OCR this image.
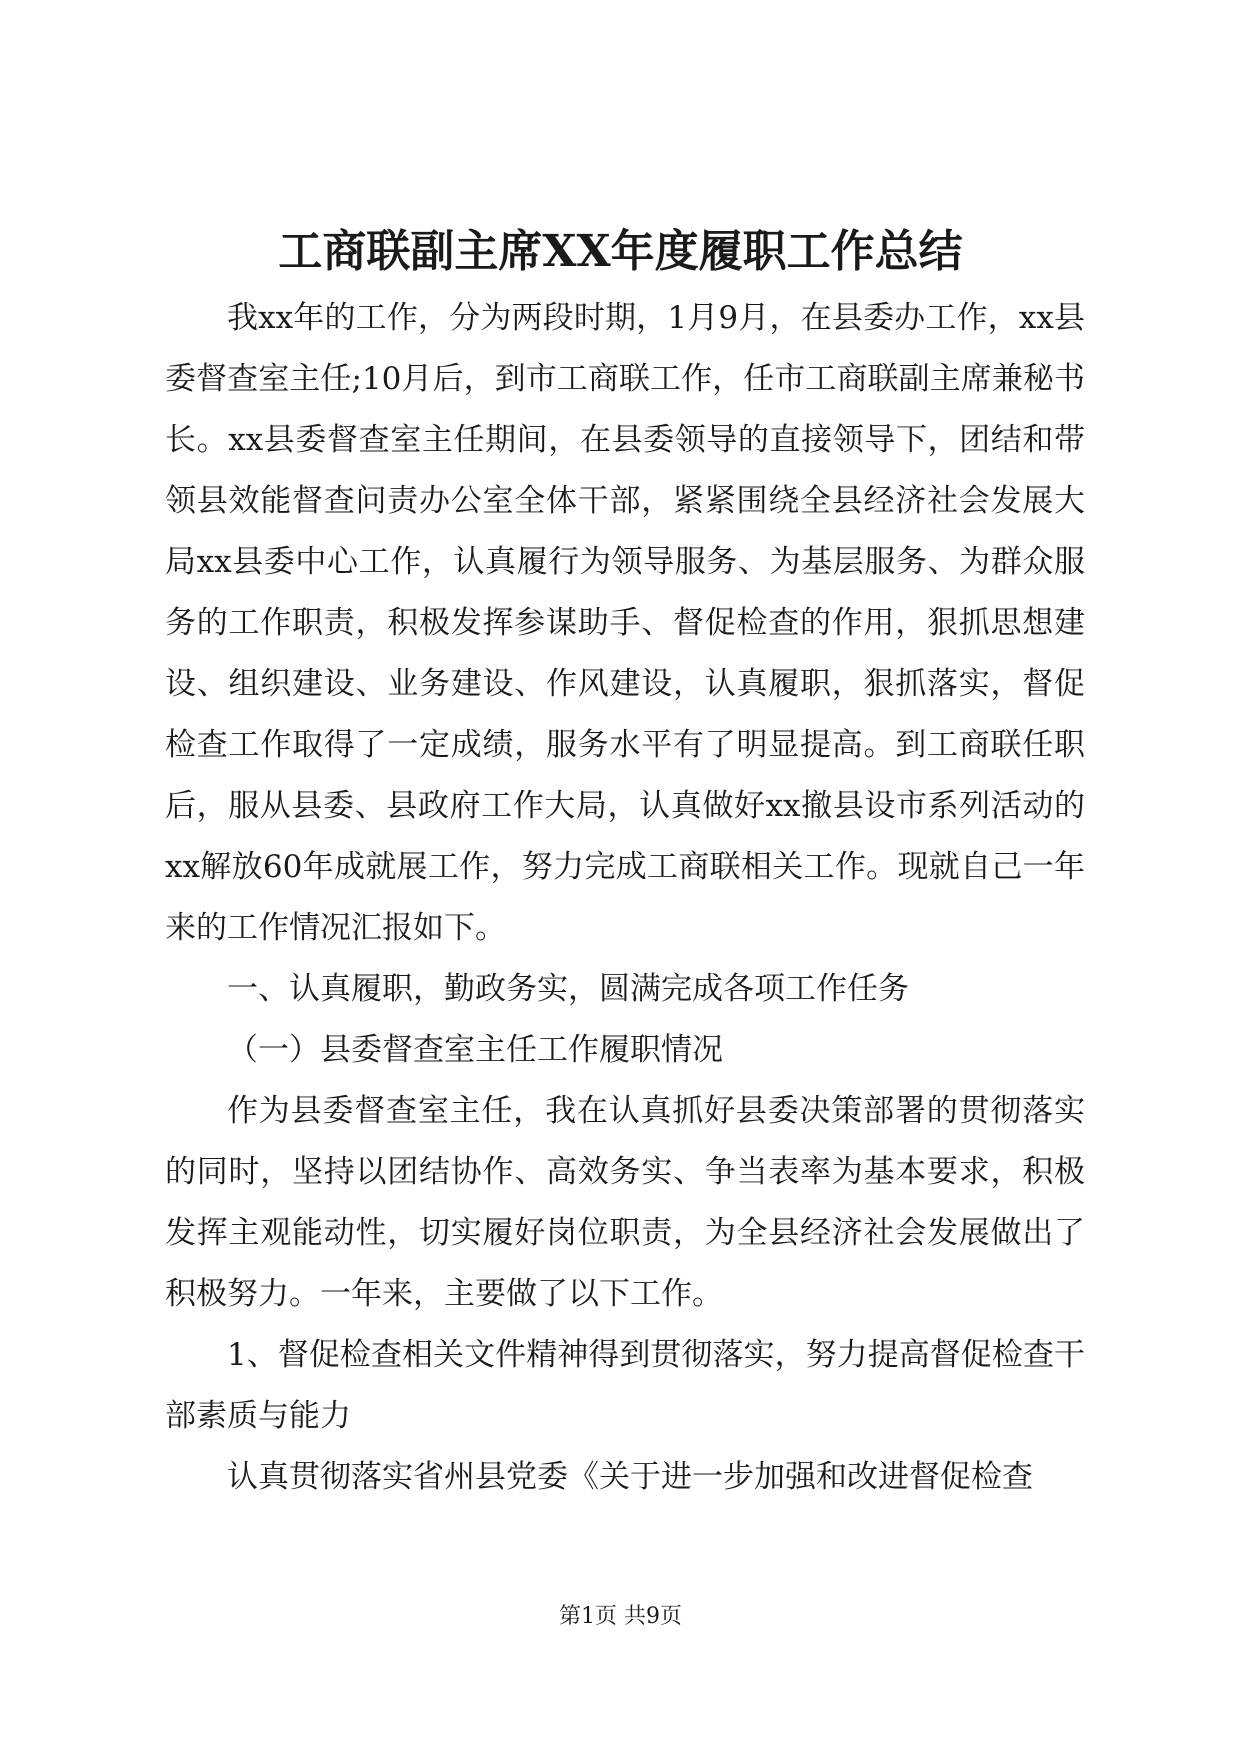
工商联副主席XX年度履职工作总结

我xx年的工作，分为两段时期，1月9月，在县委办工作，xx县委督查室主任;10月后，到市工商联工作，任市工商联副主席兼秘书长。xx县委督查室主任期间，在县委领导的直接领导下，团结和带领县效能督查问责办公室全体干部，紧紧围绕全县经济社会发展大局xx县委中心工作，认真履行为领导服务、为基层服务、为群众服务的工作职责，积极发挥参谋助手、督促检查的作用，狠抓思想建设、组织建设、业务建设、作风建设，认真履职，狠抓落实，督促检查工作取得了一定成绩，服务水平有了明显提高。到工商联任职后，服从县委、县政府工作大局，认真做好xx撤县设市系列活动的xx解放60年成就展工作，努力完成工商联相关工作。现就自己一年来的工作情况汇报如下。

一、认真履职，勤政务实，圆满完成各项工作任务

（一）县委督查室主任工作履职情况

作为县委督查室主任，我在认真抓好县委决策部署的贯彻落实的同时，坚持以团结协作、高效务实、争当表率为基本要求，积极发挥主观能动性，切实履好岗位职责，为全县经济社会发展做出了积极努力。一年来，主要做了以下工作。

1、督促检查相关文件精神得到贯彻落实，努力提高督促检查干部素质与能力

认真贯彻落实省州县党委《关于进一步加强和改进督促检查

第1页 共9页
